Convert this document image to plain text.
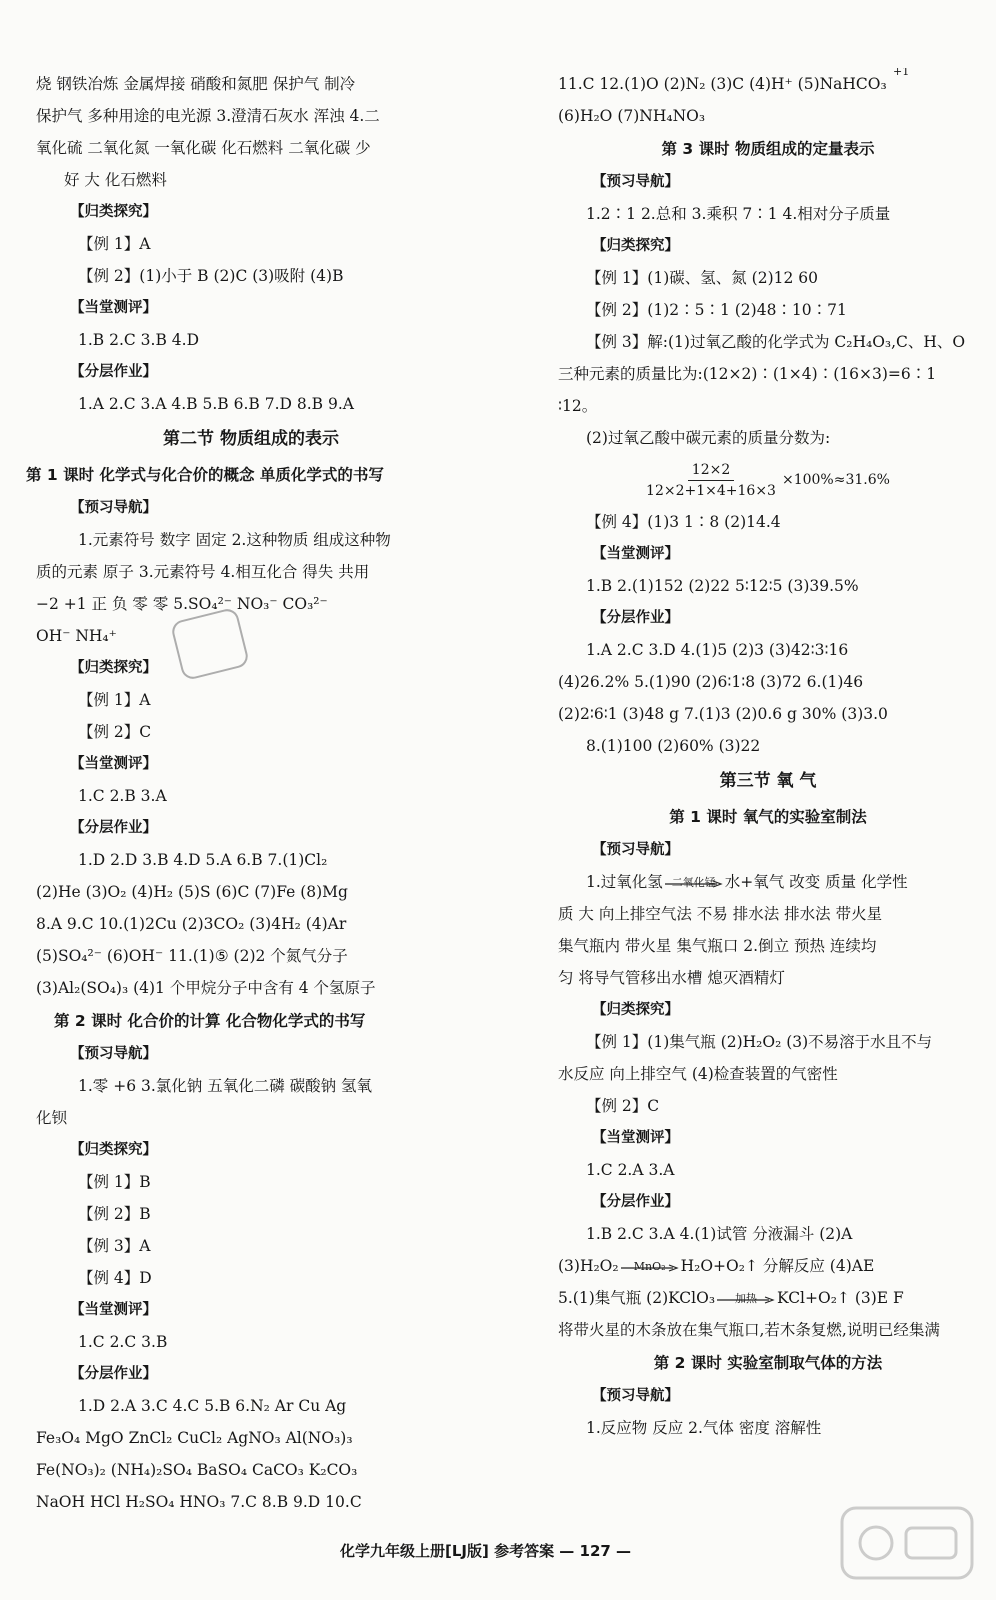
烧 钢铁冶炼 金属焊接 硝酸和氮肥 保护气 制冷
保护气 多种用途的电光源 3.澄清石灰水 浑浊 4.二
氧化硫 二氧化氮 一氧化碳 化石燃料 二氧化碳 少
好 大 化石燃料
【归类探究】
【例 1】A
【例 2】(1)小于 B (2)C (3)吸附 (4)B
【当堂测评】
1.B 2.C 3.B 4.D
【分层作业】
1.A 2.C 3.A 4.B 5.B 6.B 7.D 8.B 9.A
第二节 物质组成的表示
第 1 课时 化学式与化合价的概念 单质化学式的书写
【预习导航】
1.元素符号 数字 固定 2.这种物质 组成这种物
质的元素 原子 3.元素符号 4.相互化合 得失 共用
−2 +1 正 负 零 零 5.SO₄²⁻ NO₃⁻ CO₃²⁻
OH⁻ NH₄⁺
【归类探究】
【例 1】A
【例 2】C
【当堂测评】
1.C 2.B 3.A
【分层作业】
1.D 2.D 3.B 4.D 5.A 6.B 7.(1)Cl₂
(2)He (3)O₂ (4)H₂ (5)S (6)C (7)Fe (8)Mg
8.A 9.C 10.(1)2Cu (2)3CO₂ (3)4H₂ (4)Ar
(5)SO₄²⁻ (6)OH⁻ 11.(1)⑤ (2)2 个氮气分子
(3)Al₂(SO₄)₃ (4)1 个甲烷分子中含有 4 个氢原子
第 2 课时 化合价的计算 化合物化学式的书写
【预习导航】
1.零 +6 3.氯化钠 五氧化二磷 碳酸钠 氢氧
化钡
【归类探究】
【例 1】B
【例 2】B
【例 3】A
【例 4】D
【当堂测评】
1.C 2.C 3.B
【分层作业】
1.D 2.A 3.C 4.C 5.B 6.N₂ Ar Cu Ag
Fe₃O₄ MgO ZnCl₂ CuCl₂ AgNO₃ Al(NO₃)₃
Fe(NO₃)₂ (NH₄)₂SO₄ BaSO₄ CaCO₃ K₂CO₃
NaOH HCl H₂SO₄ HNO₃ 7.C 8.B 9.D 10.C
11.C 12.(1)O (2)N₂ (3)C (4)H⁺ (5)NaHCO₃
+1
(6)H₂O (7)NH₄NO₃
第 3 课时 物质组成的定量表示
【预习导航】
1.2∶1 2.总和 3.乘积 7∶1 4.相对分子质量
【归类探究】
【例 1】(1)碳、氢、氮 (2)12 60
【例 2】(1)2∶5∶1 (2)48∶10∶71
【例 3】解:(1)过氧乙酸的化学式为 C₂H₄O₃,C、H、O
三种元素的质量比为:(12×2)∶(1×4)∶(16×3)=6∶1
∶12。
(2)过氧乙酸中碳元素的质量分数为:
$\frac{12\times 2}{12\times 2+1\times 4+16\times 3} \times 100\%\approx 31.6\%$
【例 4】(1)3 1∶8 (2)14.4
【当堂测评】
1.B 2.(1)152 (2)22 5∶12∶5 (3)39.5%
【分层作业】
1.A 2.C 3.D 4.(1)5 (2)3 (3)42∶3∶16
(4)26.2% 5.(1)90 (2)6∶1∶8 (3)72 6.(1)46
(2)2∶6∶1 (3)48 g 7.(1)3 (2)0.6 g 30% (3)3.0
8.(1)100 (2)60% (3)22
第三节 氧 气
第 1 课时 氧气的实验室制法
【预习导航】
1.过氧化氢 二氧化锰 水+氧气 改变 质量 化学性
质 大 向上排空气法 不易 排水法 排水法 带火星
集气瓶内 带火星 集气瓶口 2.倒立 预热 连续均
匀 将导气管移出水槽 熄灭酒精灯
【归类探究】
【例 1】(1)集气瓶 (2)H₂O₂ (3)不易溶于水且不与
水反应 向上排空气 (4)检查装置的气密性
【例 2】C
【当堂测评】
1.C 2.A 3.A
【分层作业】
1.B 2.C 3.A 4.(1)试管 分液漏斗 (2)A
(3)H₂O₂	MnO₂ H₂O+O₂↑ 分解反应 (4)AE
5.(1)集气瓶 (2)KClO₃	加热	KCl+O₂↑ (3)E F
将带火星的木条放在集气瓶口,若木条复燃,说明已经集满
第 2 课时 实验室制取气体的方法
【预习导航】
1.反应物 反应 2.气体 密度 溶解性
化学九年级上册[LJ版] 参考答案 — 127 —
